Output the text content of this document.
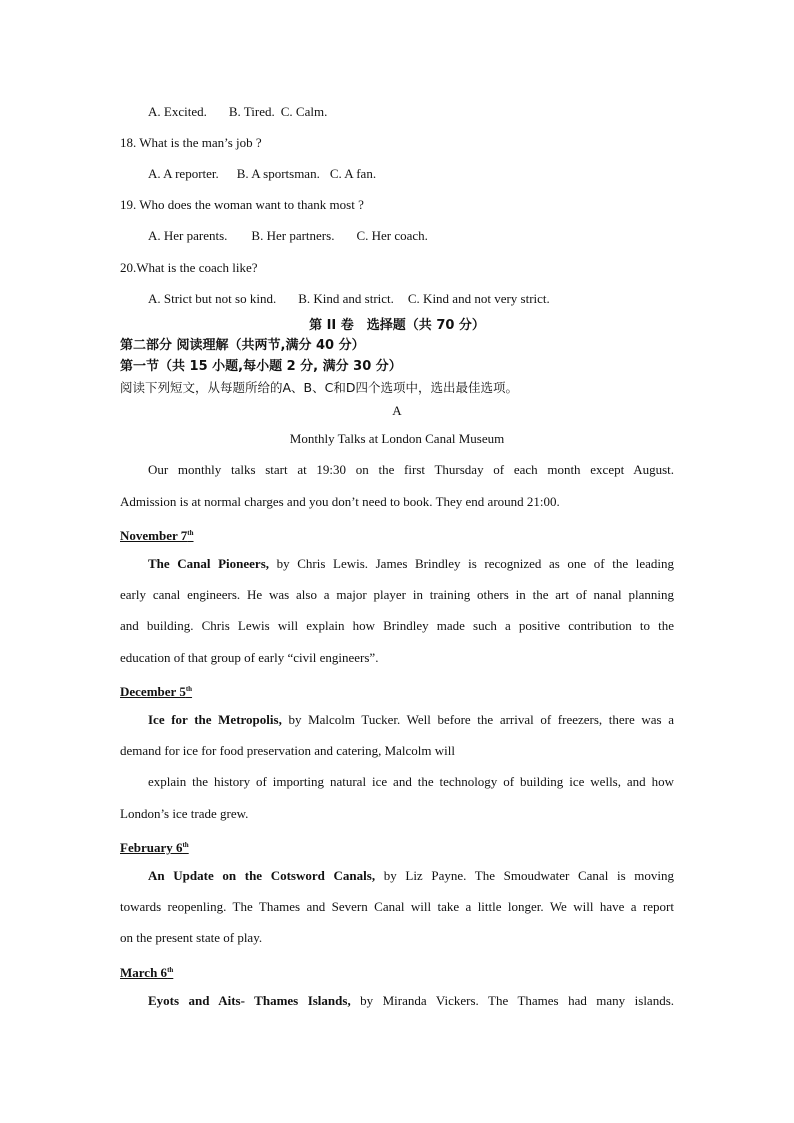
A. Excited. B. Tired. C. Calm.
18. What is the man’s job ?
A. A reporter. B. A sportsman. C. A fan.
19. Who does the woman want to thank most ?
A. Her parents. B. Her partners. C. Her coach.
20.What is the coach like?
A. Strict but not so kind. B. Kind and strict. C. Kind and not very strict.
第 II 卷　选择题（共 70 分）
第二部分 阅读理解（共两节,满分 40 分）
第一节（共 15 小题,每小题 2 分, 满分 30 分）
阅读下列短文，从每题所给的A、B、C和D四个选项中，选出最佳选项。
A
Monthly Talks at London Canal Museum
Our monthly talks start at 19:30 on the first Thursday of each month except August.
Admission is at normal charges and you don’t need to book. They end around 21:00.
November 7th
The Canal Pioneers, by Chris Lewis. James Brindley is recognized as one of the leading
early canal engineers. He was also a major player in training others in the art of nanal planning
and building. Chris Lewis will explain how Brindley made such a positive contribution to the
education of that group of early “civil engineers”.
December 5th
Ice for the Metropolis, by Malcolm Tucker. Well before the arrival of freezers, there was a
demand for ice for food preservation and catering, Malcolm will
explain the history of importing natural ice and the technology of building ice wells, and how
London’s ice trade grew.
February 6th
An Update on the Cotsword Canals, by Liz Payne. The Smoudwater Canal is moving
towards reopenling. The Thames and Severn Canal will take a little longer. We will have a report
on the present state of play.
March 6th
Eyots and Aits- Thames Islands, by Miranda Vickers. The Thames had many islands.
